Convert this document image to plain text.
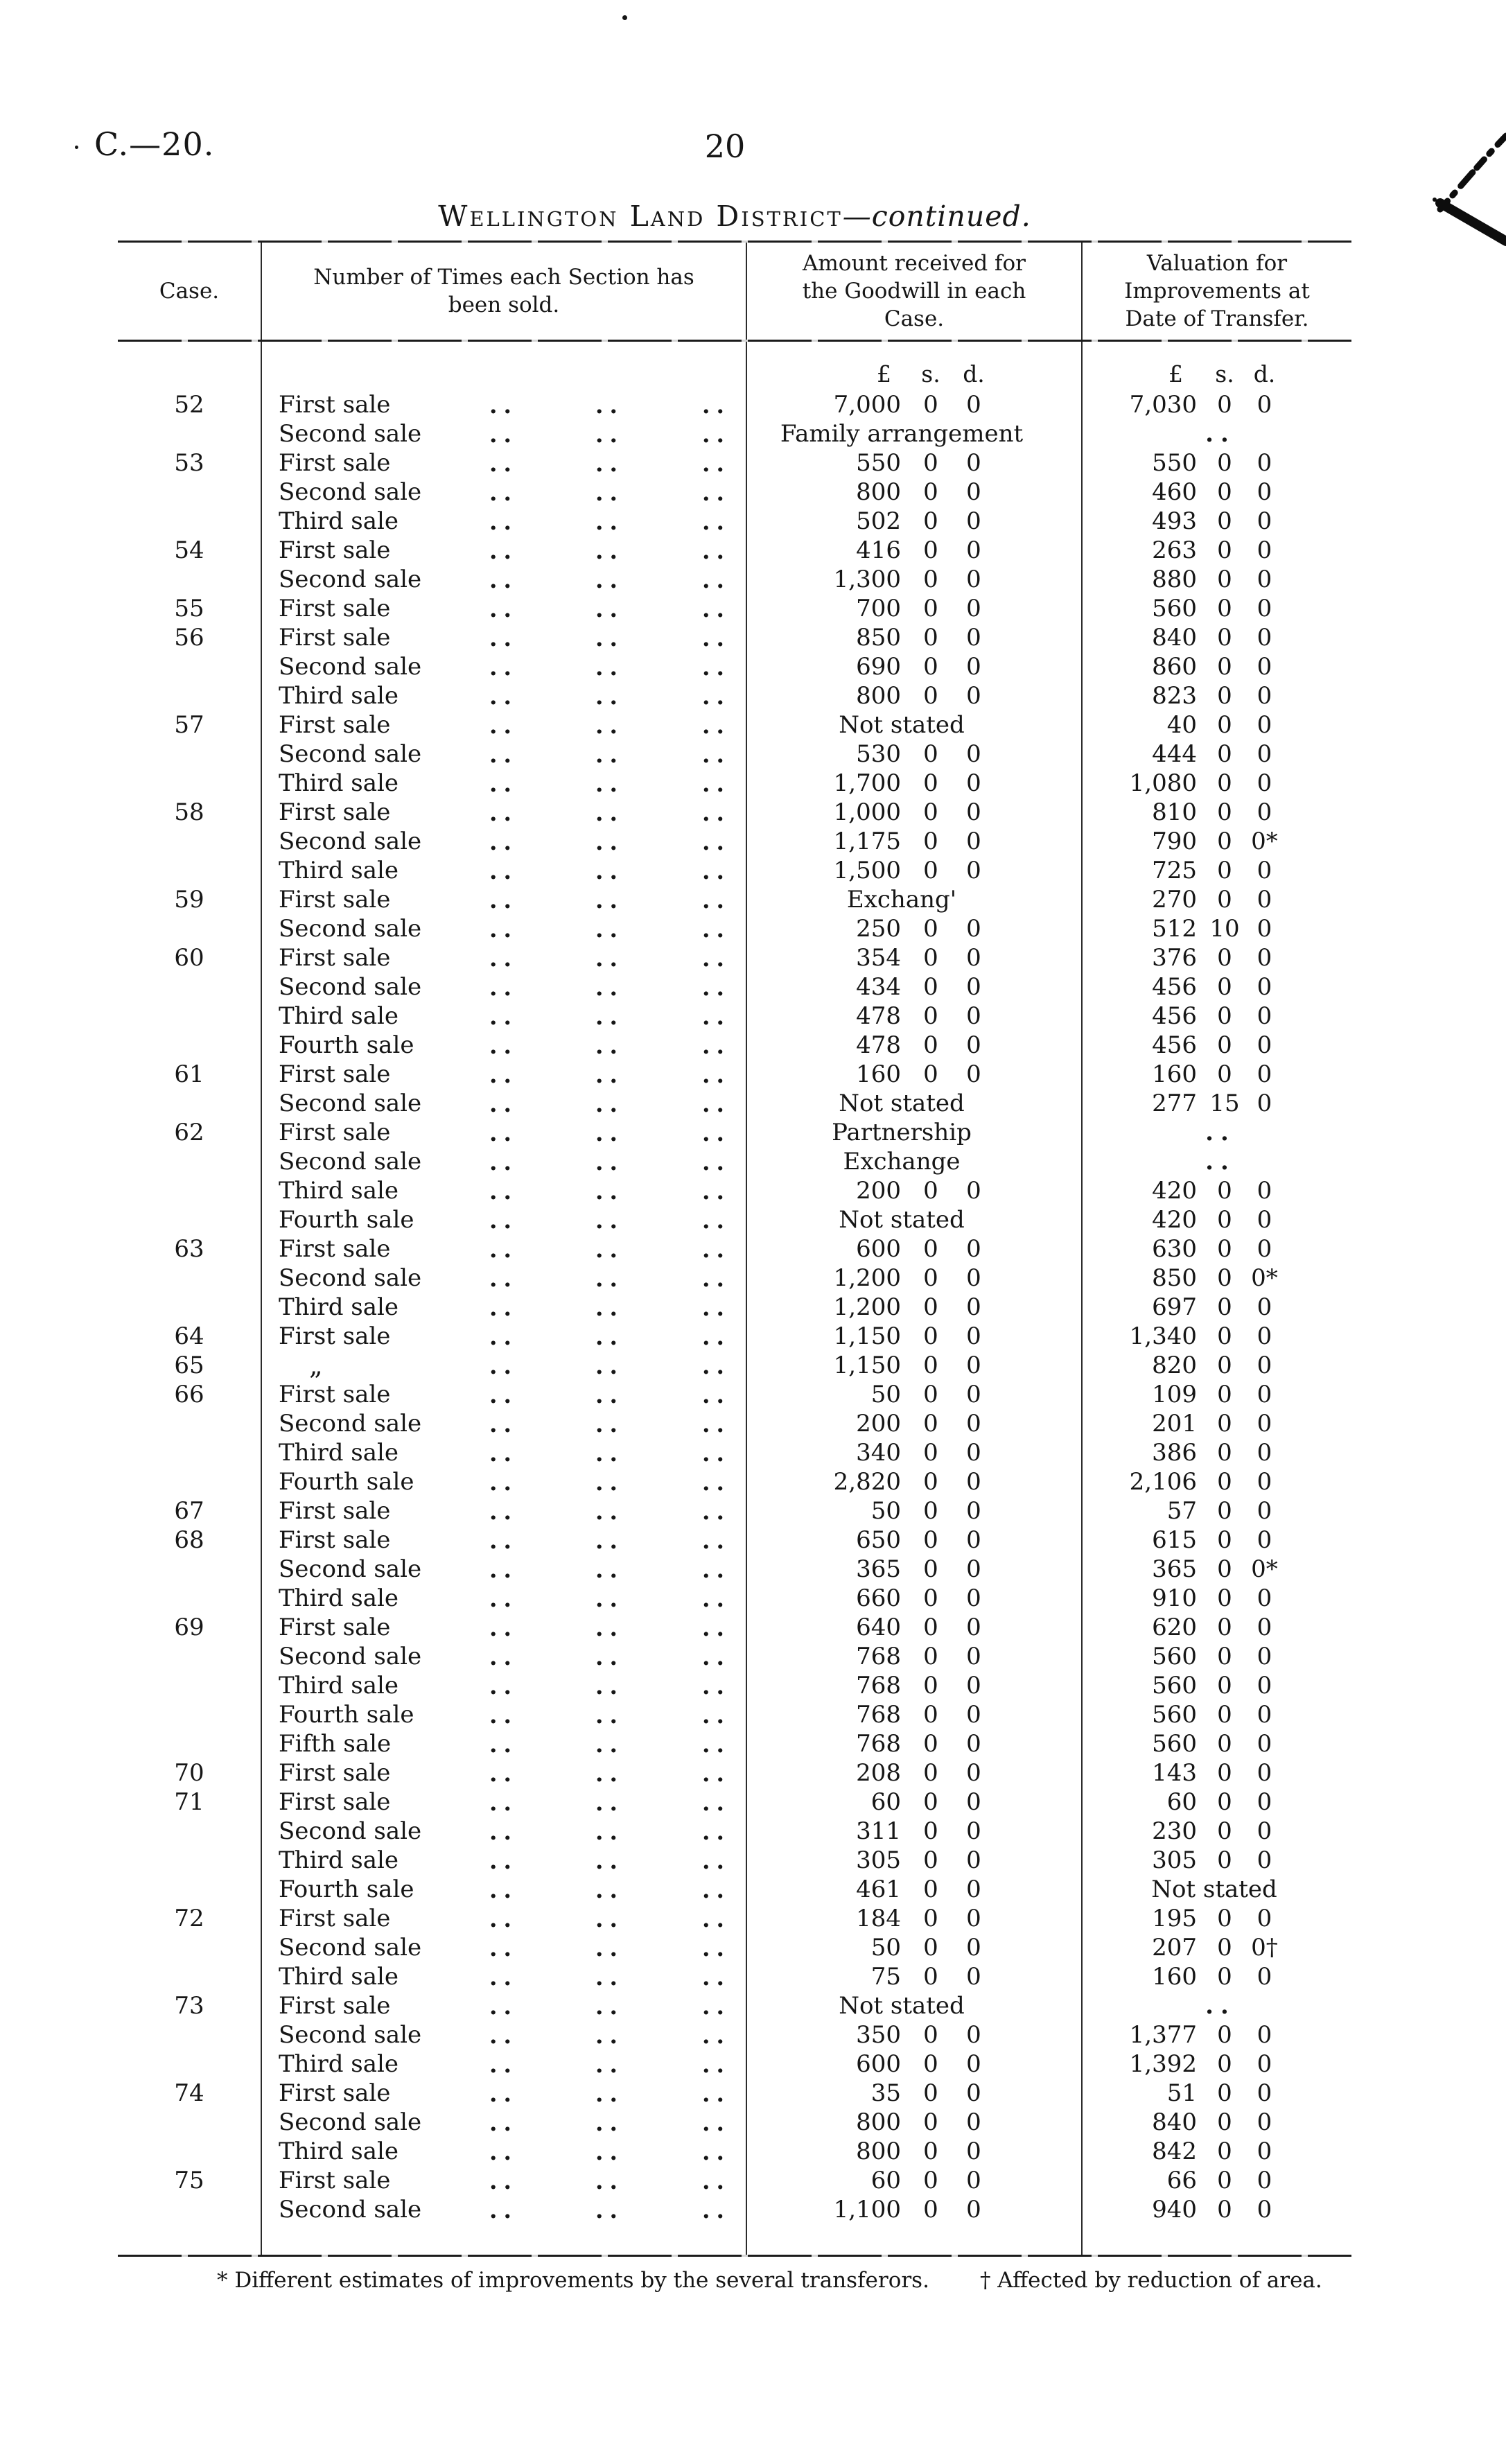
C.—20.	20
Wellington Land District—continued.
Case.
Number of Times each Section has been sold.
Amount received for the Goodwill in each Case.
Valuation for Improvements at Date of Transfer.
£	s. d.	£	s. d.
52	First sale	..	..	..	7,000 0	0	7,030 0	0
Second sale	..	..	..	Family arrangement	..
53	First sale	..	..	..	550 0	0	550 0	0
Second sale	..	..	..	800 0	0	460 0	0
Third sale	..	..	..	502 0	0	493 0	0
54	First sale	..	..	..	416 0	0	263 0	0
Second sale	..	..	..	1,300 0	0	880 0	0
55	First sale	..	..	..	700 0	0	560 0	0
56	First sale	..	..	..	850 0	0	840 0	0
Second sale	..	..	..	690 0	0	860 0	0
Third sale	..	..	..	800 0	0	823 0	0
57	First sale	..	..	..	Not stated	40 0	0
Second sale	..	..	..	530 0	0	444 0	0
Third sale	..	..	..	1,700 0	0	1,080 0	0
58	First sale	..	..	..	1,000 0	0	810 0	0
Second sale	..	..	..	1,175 0	0	790 0 0*
Third sale	..	..	..	1,500 0	0	725 0	0
59	First sale	..	..	..	Exchang'	270 0	0
Second sale	..	..	..	250 0	0	512 10 0
60	First sale	..	..	..	354 0	0	376 0	0
Second sale	..	..	..	434 0	0	456 0	0
Third sale	..	..	..	478 0	0	456 0	0
Fourth sale	..	..	..	478 0	0	456 0	0
61	First sale	..	..	..	160 0	0	160 0	0
Second sale	..	..	..	Not stated	277 15 0
62	First sale	..	..	..	Partnership	..
Second sale	..	..	..	Exchange	..
Third sale	..	..	..	200 0	0	420 0	0
Fourth sale	..	..	..	Not stated	420 0	0
63	First sale	..	..	..	600 0	0	630 0	0
Second sale	..	..	..	1,200 0	0	850 0 0*
Third sale	..	..	..	1,200 0	0	697 0	0
64	First sale	..	..	..	1,150 0	0	1,340 0	0
65	„	..	..	..	1,150 0	0	820 0	0
66	First sale	..	..	..	50 0	0	109 0	0
Second sale	..	..	..	200 0	0	201 0	0
Third sale	..	..	..	340 0	0	386 0	0
Fourth sale	..	..	..	2,820 0	0	2,106 0	0
67	First sale	..	..	..	50 0	0	57 0	0
68	First sale	..	..	..	650 0	0	615 0	0
Second sale	..	..	..	365 0	0	365 0 0*
Third sale	..	..	..	660 0	0	910 0	0
69	First sale	..	..	..	640 0	0	620 0	0
Second sale	..	..	..	768 0	0	560 0	0
Third sale	..	..	..	768 0	0	560 0	0
Fourth sale	..	..	..	768 0	0	560 0	0
Fifth sale	..	..	..	768 0	0	560 0	0
70	First sale	..	..	..	208 0	0	143 0	0
71	First sale	..	..	..	60 0	0	60 0	0
Second sale	..	..	..	311 0	0	230 0	0
Third sale	..	..	..	305 0	0	305 0	0
Fourth sale	..	..	..	461 0	0	Not stated
72	First sale	..	..	..	184 0	0	195 0	0
Second sale	..	..	..	50 0	0	207 0 0†
Third sale	..	..	..	75 0	0	160 0	0
73	First sale	..	..	..	Not stated	..
Second sale	..	..	..	350 0	0	1,377 0	0
Third sale	..	..	..	600 0	0	1,392 0	0
74	First sale	..	..	..	35 0	0	51 0	0
Second sale	..	..	..	800 0	0	840 0	0
Third sale	..	..	..	800 0	0	842 0	0
75	First sale	..	..	..	60 0	0	66 0	0
Second sale	..	..	..	1,100 0	0	940 0	0
* Different estimates of improvements by the several transferors. † Affected by reduction of area.
